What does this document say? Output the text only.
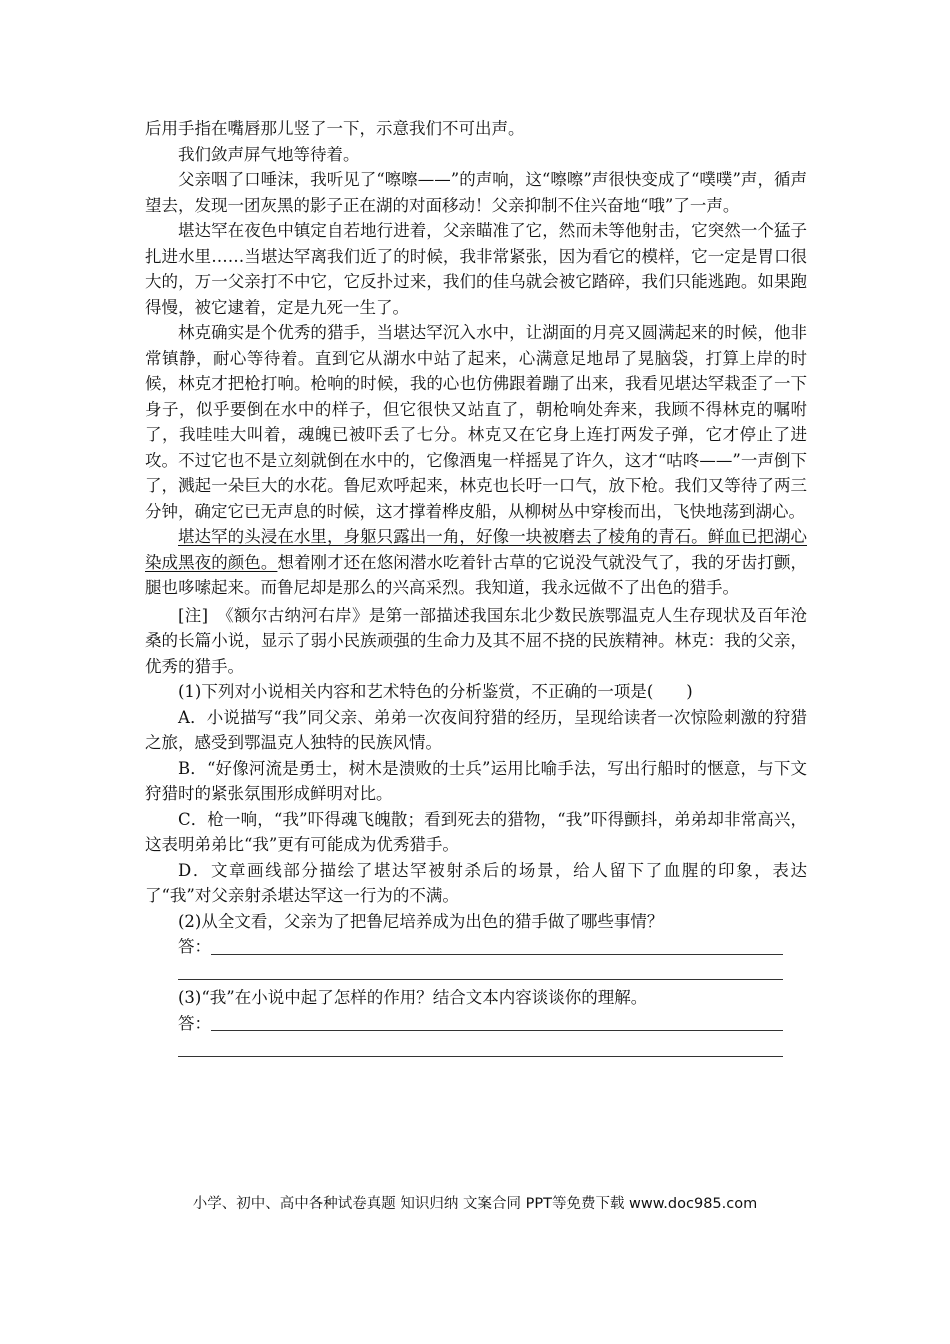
后用手指在嘴唇那儿竖了一下，示意我们不可出声。

我们敛声屏气地等待着。

父亲咽了口唾沫，我听见了“嚓嚓——”的声响，这“嚓嚓”声很快变成了“噗噗”声，循声望去，发现一团灰黑的影子正在湖的对面移动！父亲抑制不住兴奋地“哦”了一声。

堪达罕在夜色中镇定自若地行进着，父亲瞄准了它，然而未等他射击，它突然一个猛子扎进水里……当堪达罕离我们近了的时候，我非常紧张，因为看它的模样，它一定是胃口很大的，万一父亲打不中它，它反扑过来，我们的佳乌就会被它踏碎，我们只能逃跑。如果跑得慢，被它逮着，定是九死一生了。

林克确实是个优秀的猎手，当堪达罕沉入水中，让湖面的月亮又圆满起来的时候，他非常镇静，耐心等待着。直到它从湖水中站了起来，心满意足地昂了晃脑袋，打算上岸的时候，林克才把枪打响。枪响的时候，我的心也仿佛跟着蹦了出来，我看见堪达罕栽歪了一下身子，似乎要倒在水中的样子，但它很快又站直了，朝枪响处奔来，我顾不得林克的嘱咐了，我哇哇大叫着，魂魄已被吓丢了七分。林克又在它身上连打两发子弹，它才停止了进攻。不过它也不是立刻就倒在水中的，它像酒鬼一样摇晃了许久，这才“咕咚——”一声倒下了，溅起一朵巨大的水花。鲁尼欢呼起来，林克也长吁一口气，放下枪。我们又等待了两三分钟，确定它已无声息的时候，这才撑着桦皮船，从柳树丛中穿梭而出，飞快地荡到湖心。

堪达罕的头浸在水里，身躯只露出一角，好像一块被磨去了棱角的青石。鲜血已把湖心染成黑夜的颜色。想着刚才还在悠闲潜水吃着针古草的它说没气就没气了，我的牙齿打颤，腿也哆嗦起来。而鲁尼却是那么的兴高采烈。我知道，我永远做不了出色的猎手。

[注]　《额尔古纳河右岸》是第一部描述我国东北少数民族鄂温克人生存现状及百年沧桑的长篇小说，显示了弱小民族顽强的生命力及其不屈不挠的民族精神。林克：我的父亲，优秀的猎手。

(1)下列对小说相关内容和艺术特色的分析鉴赏，不正确的一项是(　　)

A．小说描写“我”同父亲、弟弟一次夜间狩猎的经历，呈现给读者一次惊险刺激的狩猎之旅，感受到鄂温克人独特的民族风情。

B．“好像河流是勇士，树木是溃败的士兵”运用比喻手法，写出行船时的惬意，与下文狩猎时的紧张氛围形成鲜明对比。

C．枪一响，“我”吓得魂飞魄散；看到死去的猎物，“我”吓得颤抖，弟弟却非常高兴，这表明弟弟比“我”更有可能成为优秀猎手。

D．文章画线部分描绘了堪达罕被射杀后的场景，给人留下了血腥的印象，表达了“我”对父亲射杀堪达罕这一行为的不满。

(2)从全文看，父亲为了把鲁尼培养成为出色的猎手做了哪些事情？

答：

(3)“我”在小说中起了怎样的作用？结合文本内容谈谈你的理解。

答：
小学、初中、高中各种试卷真题 知识归纳 文案合同 PPT等免费下载 www.doc985.com
